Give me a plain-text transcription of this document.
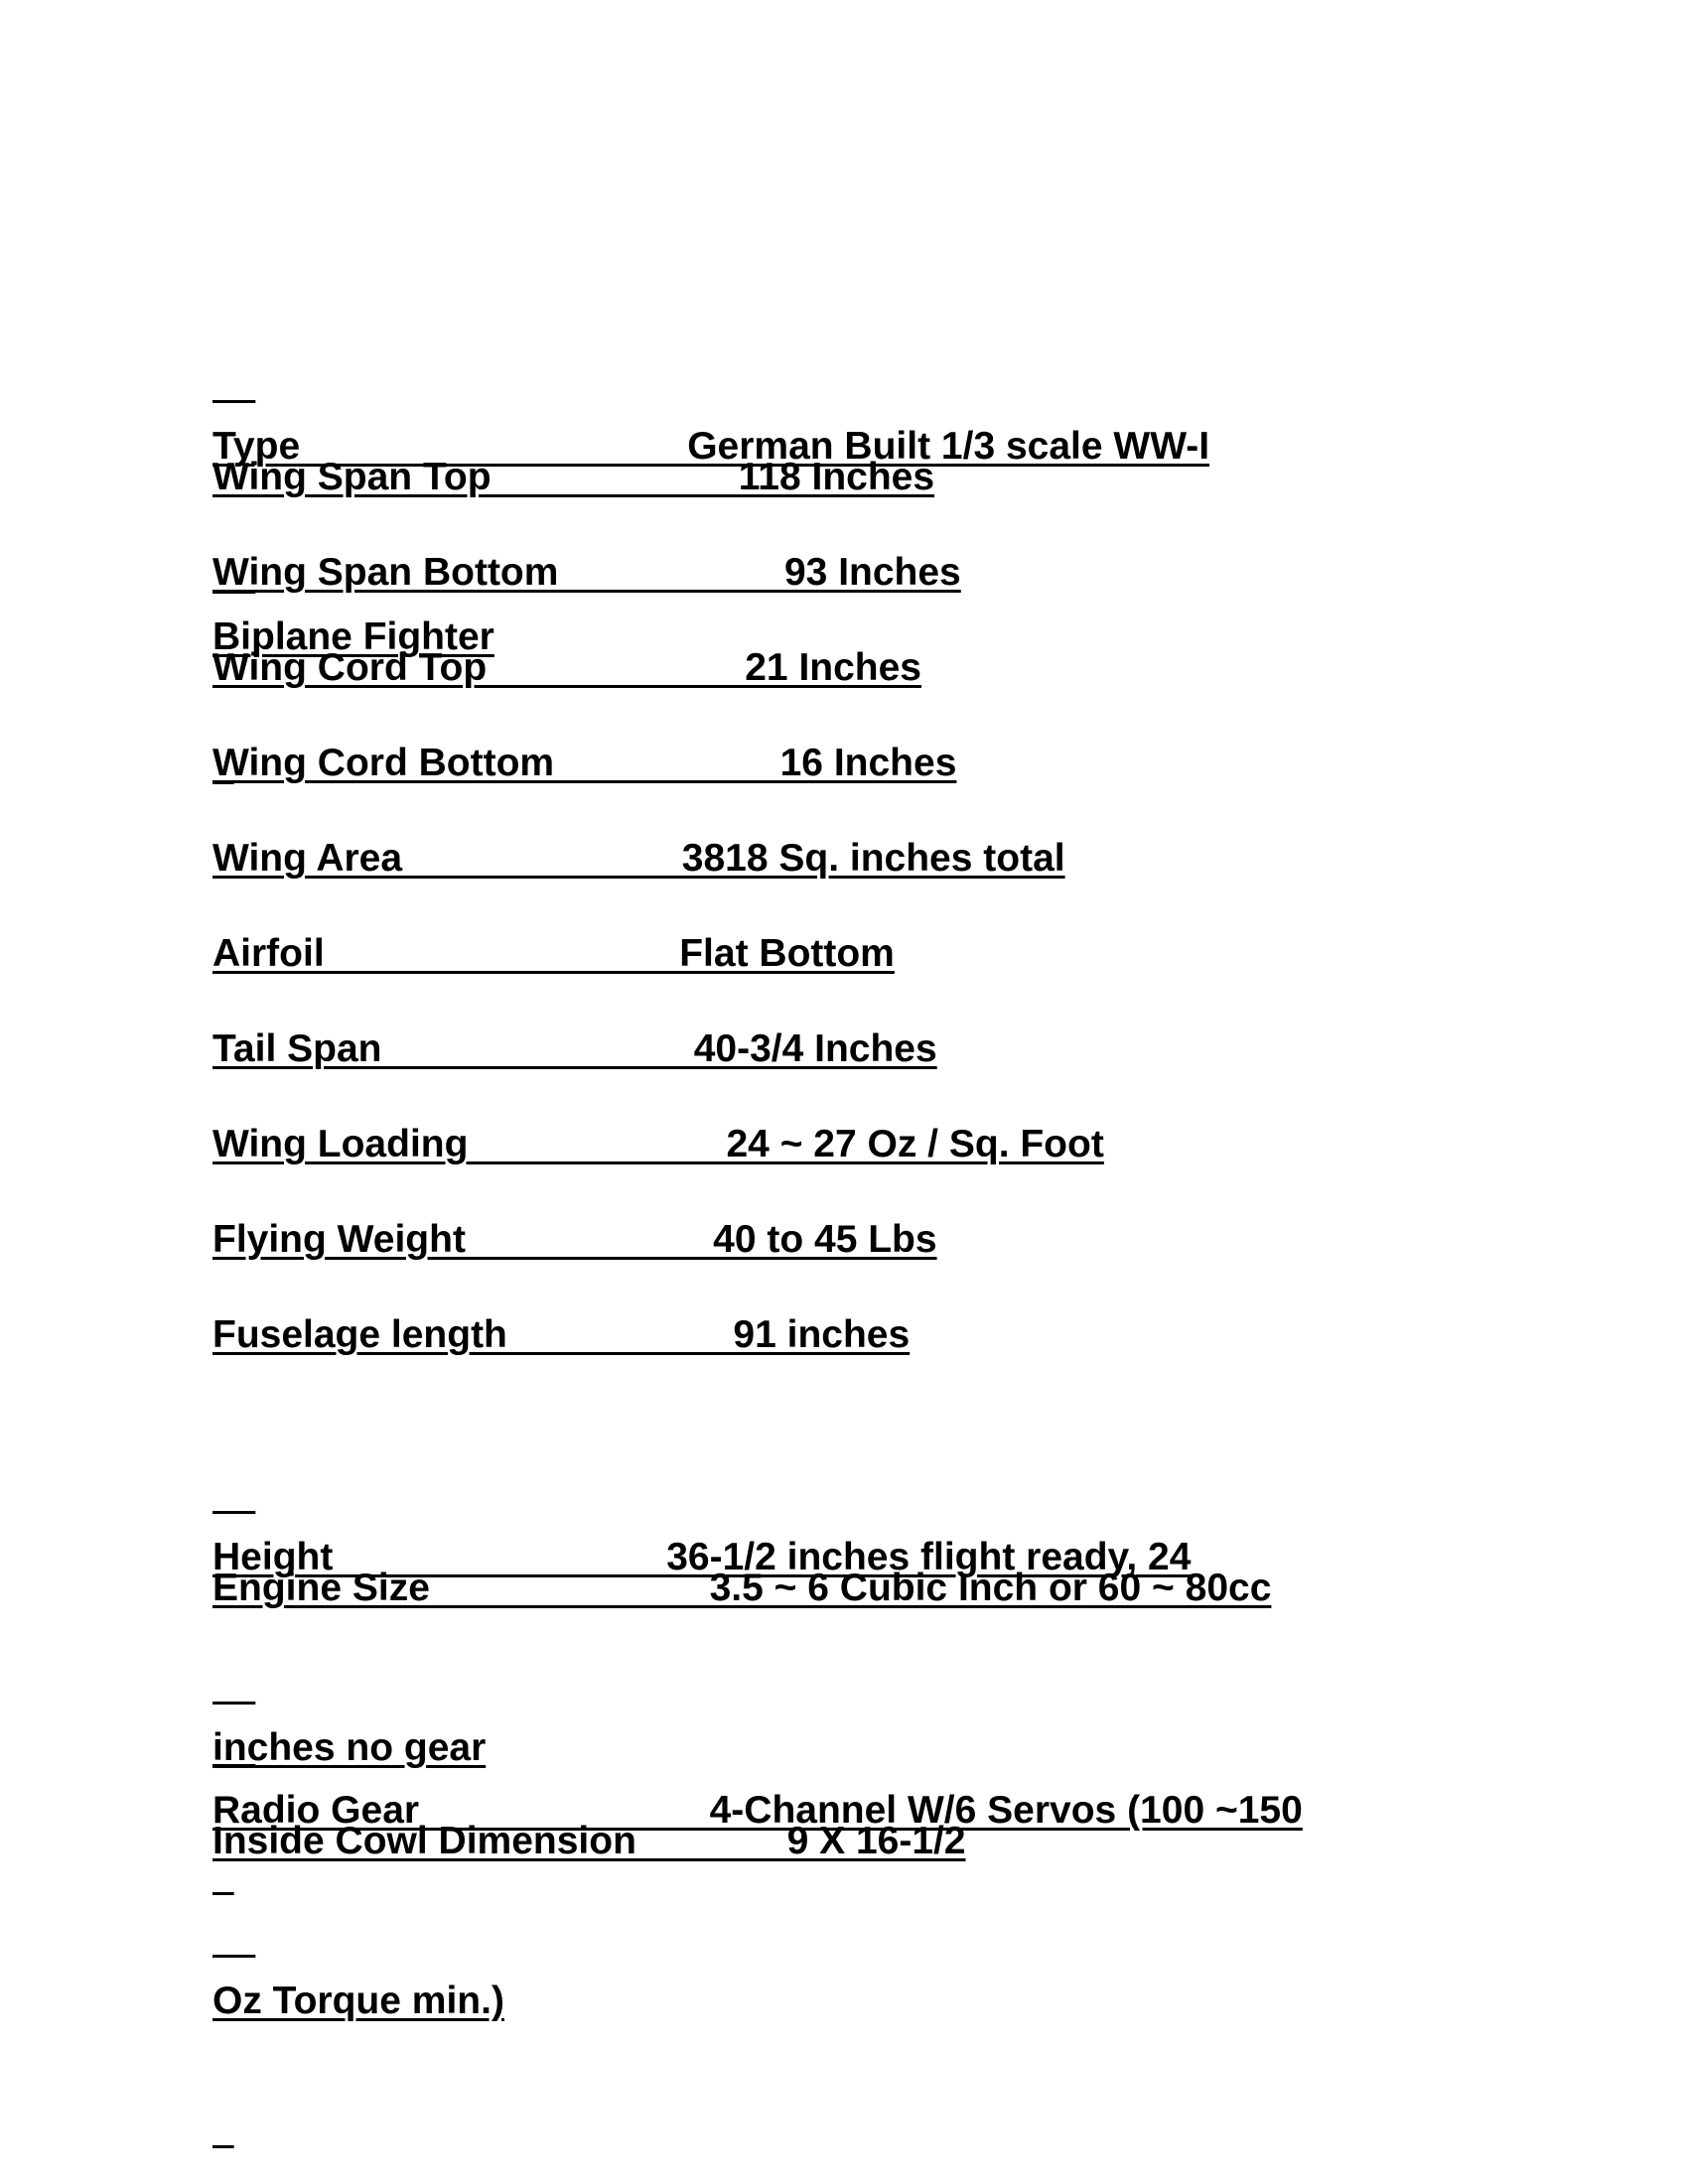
Type                                    German Built 1/3 scale WW-I

Biplane Fighter

Wing Span Top                       118 Inches
Wing Span Bottom                     93 Inches
Wing Cord Top                        21 Inches
Wing Cord Bottom                     16 Inches
Wing Area                          3818 Sq. inches total
Airfoil                                 Flat Bottom
Tail Span                             40-3/4 Inches
Wing Loading                        24 ~ 27 Oz / Sq. Foot
Flying Weight                       40 to 45 Lbs
Fuselage length                     91 inches

Height                               36-1/2 inches flight ready, 24

inches no gear

Engine Size                          3.5 ~ 6 Cubic Inch or 60 ~ 80cc

Radio Gear                           4-Channel W/6 Servos (100 ~150

Oz Torque min.)

Inside Cowl Dimension              9 X 16-1/2
